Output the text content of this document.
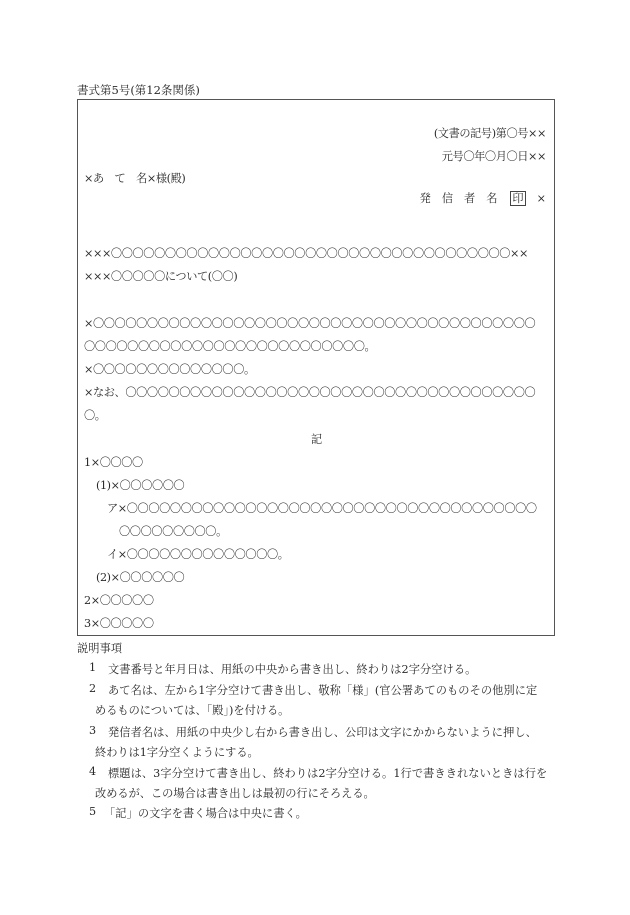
書式第5号(第12条関係)
(文書の記号)第〇号××
元号〇年〇月〇日××
×あ　て　名×様(殿)
発 信 者 名 印 ×
×××〇〇〇〇〇〇〇〇〇〇〇〇〇〇〇〇〇〇〇〇〇〇〇〇〇〇〇〇〇〇〇〇〇〇〇〇〇××
×××〇〇〇〇〇について(〇〇)
×〇〇〇〇〇〇〇〇〇〇〇〇〇〇〇〇〇〇〇〇〇〇〇〇〇〇〇〇〇〇〇〇〇〇〇〇〇〇〇〇〇
〇〇〇〇〇〇〇〇〇〇〇〇〇〇〇〇〇〇〇〇〇〇〇〇〇〇。
×〇〇〇〇〇〇〇〇〇〇〇〇〇〇。
×なお、〇〇〇〇〇〇〇〇〇〇〇〇〇〇〇〇〇〇〇〇〇〇〇〇〇〇〇〇〇〇〇〇〇〇〇〇〇〇
〇。
記
1×〇〇〇〇
(1)×〇〇〇〇〇〇
ア×〇〇〇〇〇〇〇〇〇〇〇〇〇〇〇〇〇〇〇〇〇〇〇〇〇〇〇〇〇〇〇〇〇〇〇〇〇〇
〇〇〇〇〇〇〇〇〇。
イ×〇〇〇〇〇〇〇〇〇〇〇〇〇〇。
(2)×〇〇〇〇〇〇
2×〇〇〇〇〇
3×〇〇〇〇〇
説明事項
1 文書番号と年月日は、用紙の中央から書き出し、終わりは2字分空ける。
2 あて名は、左から1字分空けて書き出し、敬称「様」(官公署あてのものその他別に定
めるものについては、「殿」)を付ける。
3 発信者名は、用紙の中央少し右から書き出し、公印は文字にかからないように押し、
終わりは1字分空くようにする。
4 標題は、3字分空けて書き出し、終わりは2字分空ける。1行で書ききれないときは行を
改めるが、この場合は書き出しは最初の行にそろえる。
5 「記」の文字を書く場合は中央に書く。
